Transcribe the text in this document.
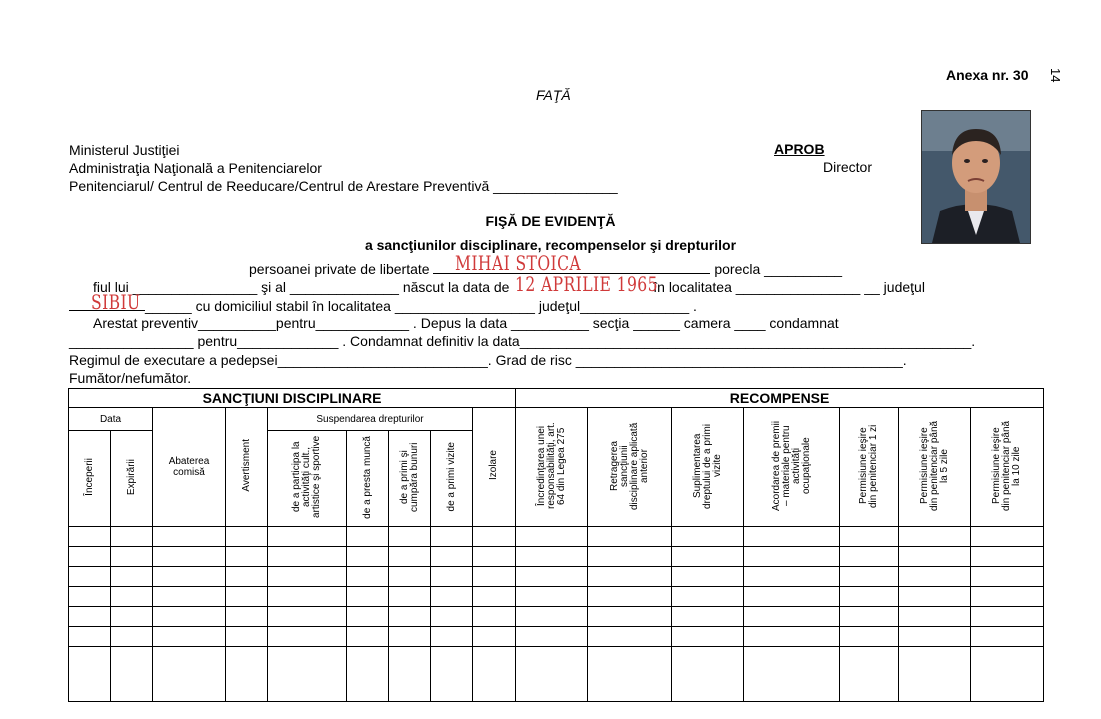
Anexa nr. 30 14
FAŢĂ
Ministerul Justiţiei
Administraţia Naţională a Penitenciarelor
Penitenciarul/ Centrul de Reeducare/Centrul de Arestare Preventivă ________________
APROB
Director
FIŞĂ DE EVIDENŢĂ
a sancţiunilor disciplinare, recompenselor şi drepturilor
persoanei private de libertate MIHAI STOICA	porecla __________
fiul lui ________________ şi al ______________ născut la data de 12 APRILIE 1965
în localitatea ________________ __ judeţul
SIBIU ______ cu domiciliul stabil în localitatea __________________ judeţul______________ .
Arestat preventiv__________pentru____________ . Depus la data __________ secţia ______ camera ____ condamnat
________________ pentru_____________ . Condamnat definitiv la data__________________________________________________________.
Regimul de executare a pedepsei___________________________. Grad de risc __________________________________________.
Fumător/nefumător.
SANCŢIUNI DISCIPLINARE									RECOMPENSE						
Data		Abaterea comisă	Avertisment	Suspendarea drepturilor				Izolare	Încredinţarea unei responsabilităţi, art. 64 din Legea 275	Retragerea sancţiunii disciplinare aplicată anterior	Suplimentarea dreptului de a primi vizite	Acordarea de premii – materiale pentru activităţi ocupaţionale	Permisiune ieşire din penitenciar 1 zi	Permisiune ieşire din penitenciar până la 5 zile	Permisiune ieşire din penitenciar până la 10 zile
Începerii	Expirării			de a participa la activităţi cult., artistice şi sportive	de a presta muncă	de a primi şi cumpăra bunuri	de a primi vizite								
